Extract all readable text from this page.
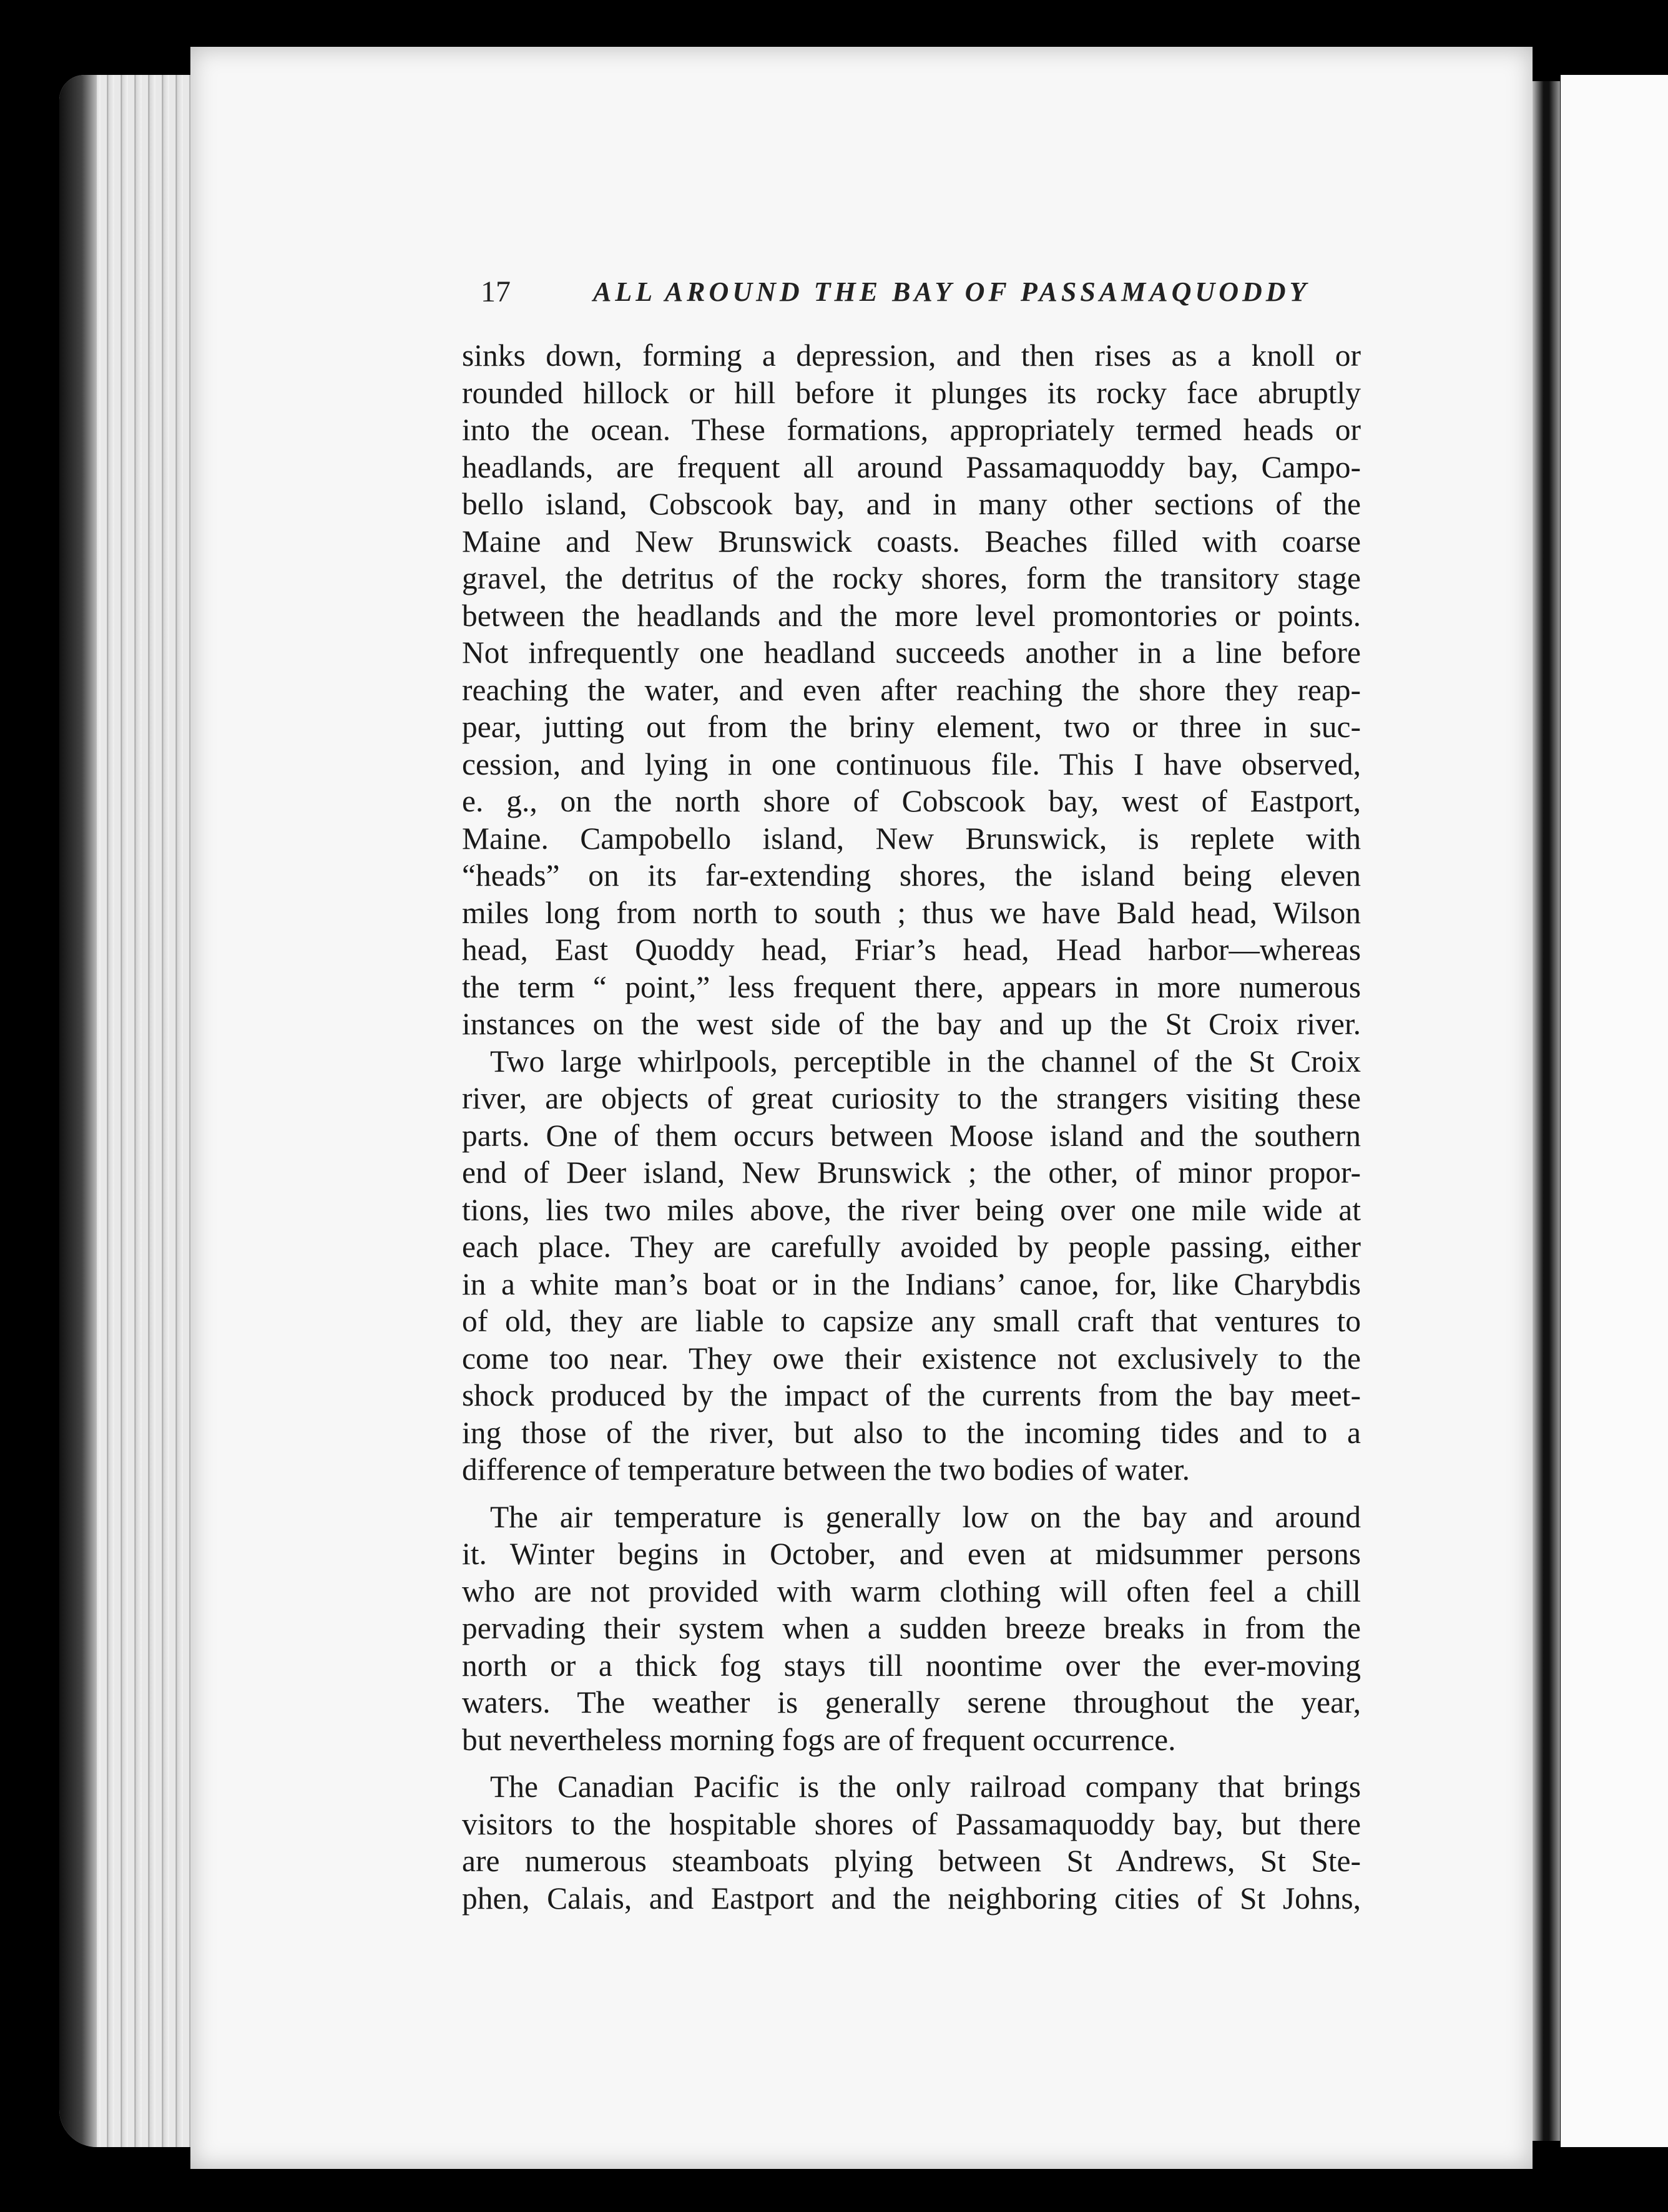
17	ALL AROUND THE BAY OF PASSAMAQUODDY
sinks down, forming a depression, and then rises as a knoll or
rounded hillock or hill before it plunges its rocky face abruptly
into the ocean. These formations, appropriately termed heads or
headlands, are frequent all around Passamaquoddy bay, Campo-
bello island, Cobscook bay, and in many other sections of the
Maine and New Brunswick coasts. Beaches filled with coarse
gravel, the detritus of the rocky shores, form the transitory stage
between the headlands and the more level promontories or points.
Not infrequently one headland succeeds another in a line before
reaching the water, and even after reaching the shore they reap-
pear, jutting out from the briny element, two or three in suc-
cession, and lying in one continuous file. This I have observed,
e. g., on the north shore of Cobscook bay, west of Eastport,
Maine. Campobello island, New Brunswick, is replete with
“heads” on its far-extending shores, the island being eleven
miles long from north to south ; thus we have Bald head, Wilson
head, East Quoddy head, Friar’s head, Head harbor—whereas
the term “ point,” less frequent there, appears in more numerous
instances on the west side of the bay and up the St Croix river.
Two large whirlpools, perceptible in the channel of the St Croix
river, are objects of great curiosity to the strangers visiting these
parts. One of them occurs between Moose island and the southern
end of Deer island, New Brunswick ; the other, of minor propor-
tions, lies two miles above, the river being over one mile wide at
each place. They are carefully avoided by people passing, either
in a white man’s boat or in the Indians’ canoe, for, like Charybdis
of old, they are liable to capsize any small craft that ventures to
come too near. They owe their existence not exclusively to the
shock produced by the impact of the currents from the bay meet-
ing those of the river, but also to the incoming tides and to a
difference of temperature between the two bodies of water.
The air temperature is generally low on the bay and around
it. Winter begins in October, and even at midsummer persons
who are not provided with warm clothing will often feel a chill
pervading their system when a sudden breeze breaks in from the
north or a thick fog stays till noontime over the ever-moving
waters. The weather is generally serene throughout the year,
but nevertheless morning fogs are of frequent occurrence.
The Canadian Pacific is the only railroad company that brings
visitors to the hospitable shores of Passamaquoddy bay, but there
are numerous steamboats plying between St Andrews, St Ste-
phen, Calais, and Eastport and the neighboring cities of St Johns,
